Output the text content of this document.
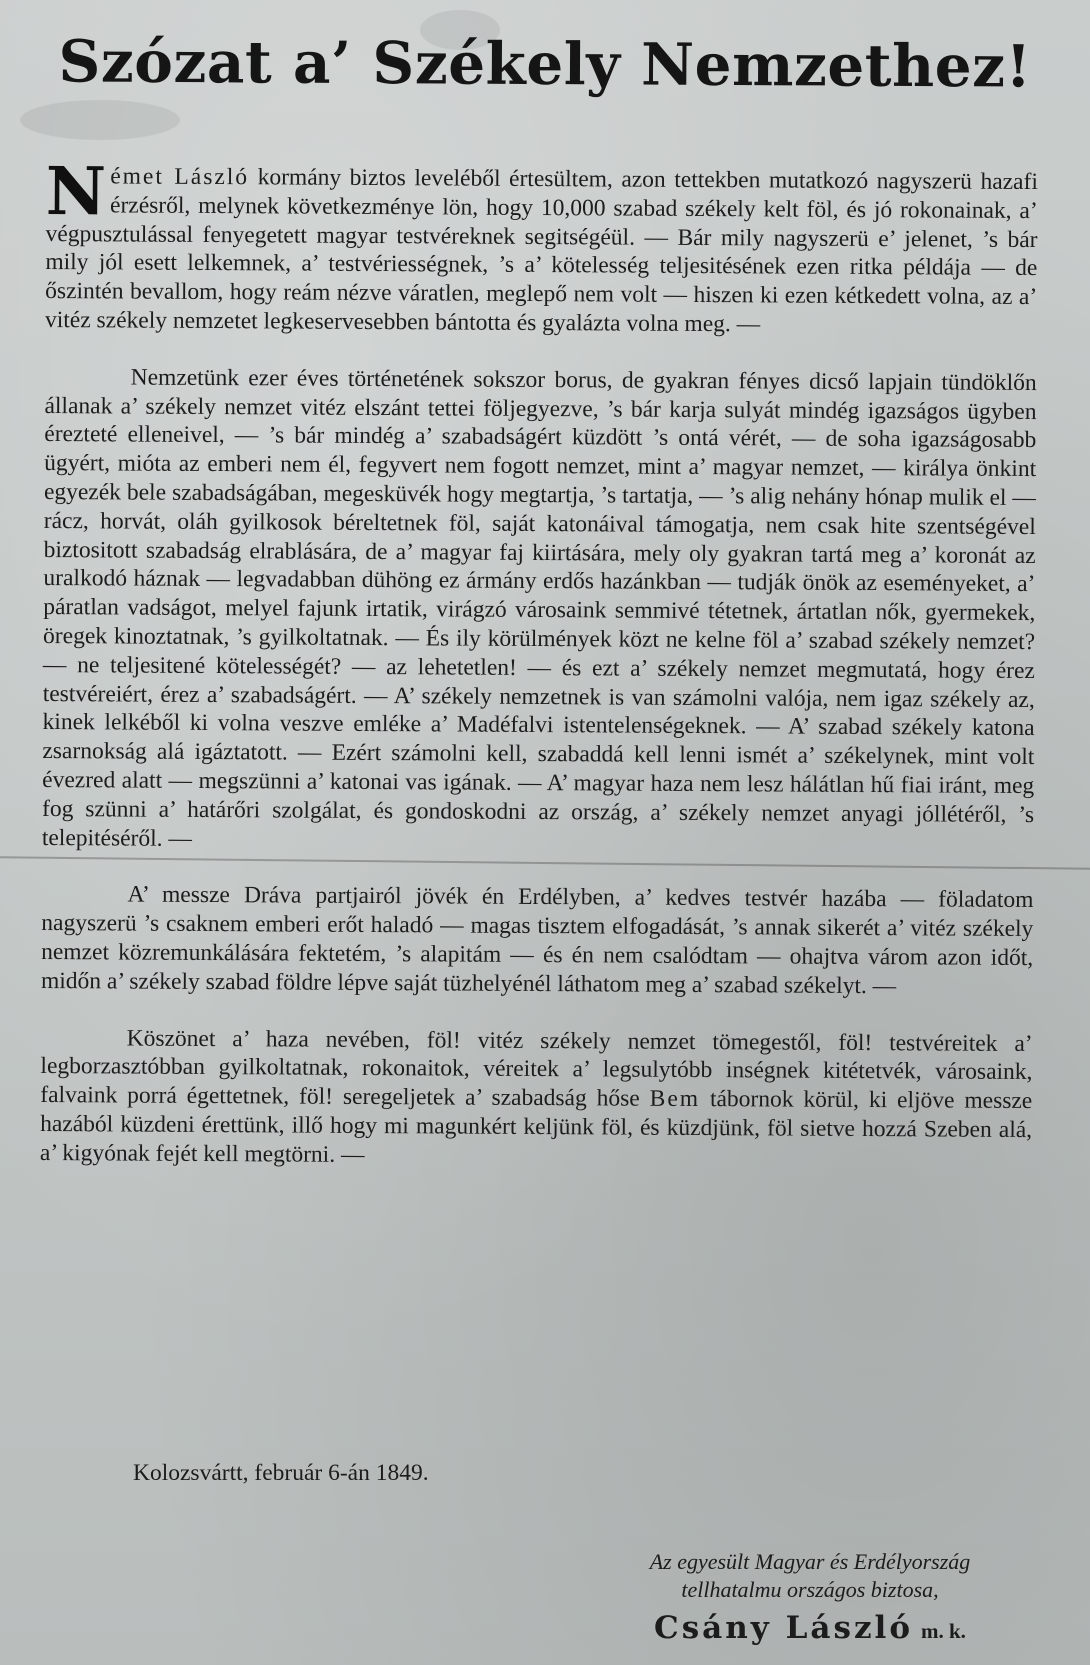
Szózat a’ Székely Nemzethez!

Német László kormány biztos leveléből értesültem, azon tettekben mutatkozó nagyszerü hazafi érzésről, melynek következménye lön, hogy 10,000 szabad székely kelt föl, és jó rokonainak, a’ végpusztulással fenyegetett magyar testvéreknek segitségéül. — Bár mily nagyszerü e’ jelenet, ’s bár mily jól esett lelkemnek, a’ testvériességnek, ’s a’ kötelesség teljesitésének ezen ritka példája — de őszintén bevallom, hogy reám nézve váratlen, meglepő nem volt — hiszen ki ezen kétkedett volna, az a’ vitéz székely nemzetet legkeservesebben bántotta és gyalázta volna meg. —

Nemzetünk ezer éves történetének sokszor borus, de gyakran fényes dicső lapjain tündöklőn állanak a’ székely nemzet vitéz elszánt tettei följegyezve, ’s bár karja sulyát mindég igazságos ügyben érezteté elleneivel, — ’s bár mindég a’ szabadságért küzdött ’s ontá vérét, — de soha igazságosabb ügyért, mióta az emberi nem él, fegyvert nem fogott nemzet, mint a’ magyar nemzet, — királya önkint egyezék bele szabadságában, megesküvék hogy megtartja, ’s tartatja, — ’s alig nehány hónap mulik el — rácz, horvát, oláh gyilkosok béreltetnek föl, saját katonáival támogatja, nem csak hite szentségével biztositott szabadság elrablására, de a’ magyar faj kiirtására, mely oly gyakran tartá meg a’ koronát az uralkodó háznak — legvadabban dühöng ez ármány erdős hazánkban — tudják önök az eseményeket, a’ páratlan vadságot, melyel fajunk irtatik, virágzó városaink semmivé tétetnek, ártatlan nők, gyermekek, öregek kinoztatnak, ’s gyilkoltatnak. — És ily körülmények közt ne kelne föl a’ szabad székely nemzet? — ne teljesitené kötelességét? — az lehetetlen! — és ezt a’ székely nemzet megmutatá, hogy érez testvéreiért, érez a’ szabadságért. — A’ székely nemzetnek is van számolni valója, nem igaz székely az, kinek lelkéből ki volna veszve emléke a’ Madéfalvi istentelenségeknek. — A’ szabad székely katona zsarnokság alá igáztatott. — Ezért számolni kell, szabaddá kell lenni ismét a’ székelynek, mint volt évezred alatt — megszünni a’ katonai vas igának. — A’ magyar haza nem lesz hálátlan hű fiai iránt, meg fog szünni a’ határőri szolgálat, és gondoskodni az ország, a’ székely nemzet anyagi jóllétéről, ’s telepitéséről. —

A’ messze Dráva partjairól jövék én Erdélyben, a’ kedves testvér hazába — föladatom nagyszerü ’s csaknem emberi erőt haladó — magas tisztem elfogadását, ’s annak sikerét a’ vitéz székely nemzet közremunkálására fektetém, ’s alapitám — és én nem csalódtam — ohajtva várom azon időt, midőn a’ székely szabad földre lépve saját tüzhelyénél láthatom meg a’ szabad székelyt. —

Köszönet a’ haza nevében, föl! vitéz székely nemzet tömegestől, föl! testvéreitek a’ legborzasztóbban gyilkoltatnak, rokonaitok, véreitek a’ legsulytóbb inségnek kitétetvék, városaink, falvaink porrá égettetnek, föl! seregeljetek a’ szabadság hőse Bem tábornok körül, ki eljöve messze hazából küzdeni érettünk, illő hogy mi magunkért keljünk föl, és küzdjünk, föl sietve hozzá Szeben alá, a’ kigyónak fejét kell megtörni. —

Kolozsvártt, február 6-án 1849.
Az egyesült Magyar és Erdélyország
tellhatalmu országos biztosa,
Csány László m. k.
